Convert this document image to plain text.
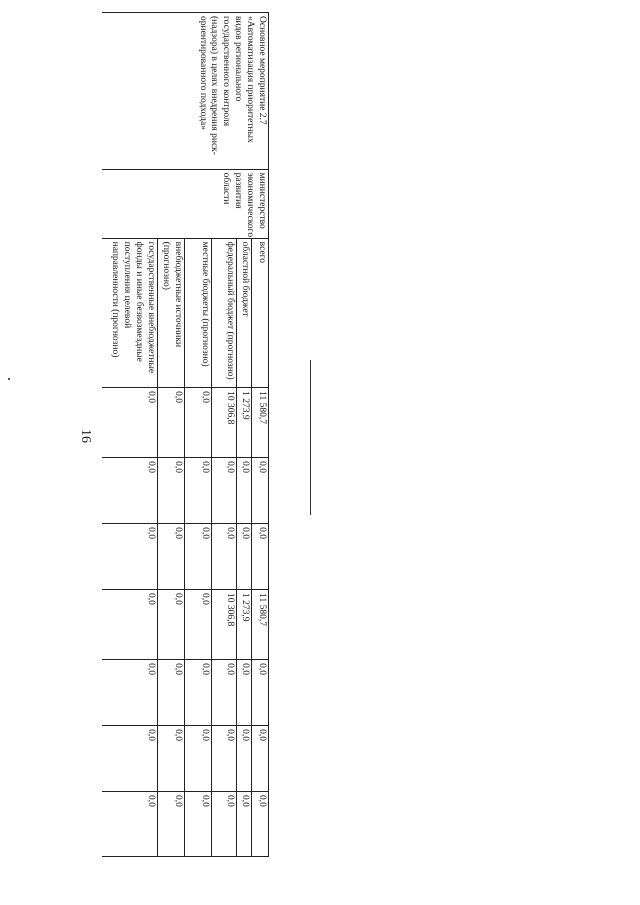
16
Основное мероприятие 2.7 «Автоматизация приоритетных видов регионального государственного контроля (надзора) в целях внедрения риск-ориентированного подхода»	министерство экономического развития области	всего	11 580,7	0,0	0,0	11 580,7	0,0	0,0	0,0
		областной бюджет	1 273,9	0,0	0,0	1 273,9	0,0	0,0	0,0
		федеральный бюджет (прогнозно)	10 306,8	0,0	0,0	10 306,8	0,0	0,0	0,0
		местные бюджеты (прогнозно)	0,0	0,0	0,0	0,0	0,0	0,0	0,0
		внебюджетные источники (прогнозно)	0,0	0,0	0,0	0,0	0,0	0,0	0,0
		государственные внебюджетные фонды и иные безвозмездные поступления целевой направленности (прогнозно)	0,0	0,0	0,0	0,0	0,0	0,0	0,0
